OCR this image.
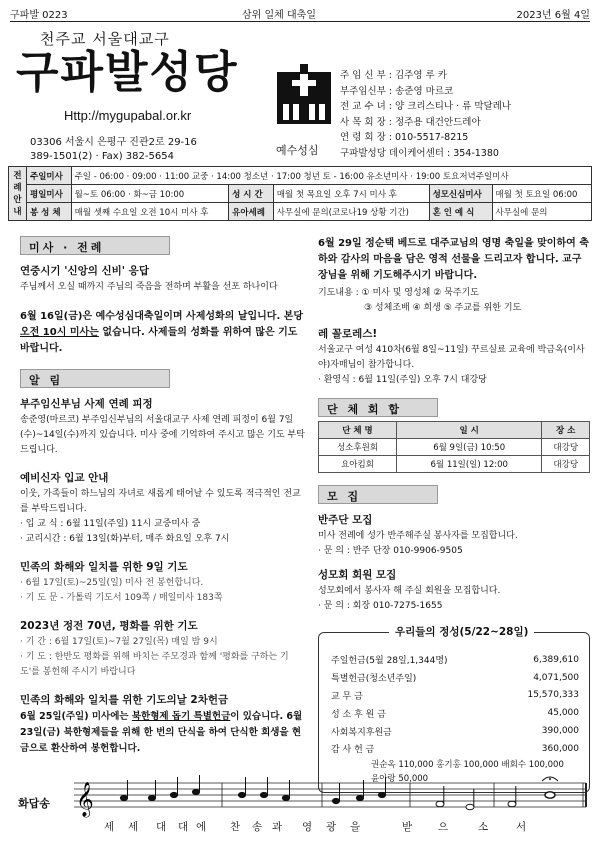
구파발 0223	삼위 일체 대축일	2023년 6월 4일
천주교 서울대교구
구파발성당
Http://mygupabal.or.kr
03306 서울시 은평구 진관2로 29-16
389-1501(2) · Fax) 382-5654	예수성심
주 임 신 부 : 김주영 루 카
부주임신부 : 송준영 마르코
전 교 수 녀 : 양 크리스티나 · 류 막달레나
사 목 회 장 : 정주용 대건안드레아
연 령 회 장 : 010-5517-8215
구파발성당 데이케어센터 : 354-1380
전례안내	주일미사	주일 - 06:00 · 09:00 · 11:00 교중 · 14:00 청소년 · 17:00 청년 토 - 16:00 유소년미사 · 19:00 토요저녁주일미사				
	평일미사	월~토 06:00 · 화~금 10:00	성 시 간	매월 첫 목요일 오후 7시 미사 후	성모신심미사	매월 첫 토요일 06:00
	봉 성 체	매월 셋째 수요일 오전 10시 미사 후	유아세례	사무실에 문의(코로나19 상황 기간)	혼 인 예 식	사무실에 문의
미사 · 전례
연중시기 '신앙의 신비' 응답
주님께서 오실 때까지 주님의 죽음을 전하며 부활을 선포 하나이다
6월 16일(금)은 예수성심대축일이며 사제성화의 날입니다. 본당 오전 10시 미사는 없습니다. 사제들의 성화를 위하여 많은 기도바랍니다.
알 림
부주임신부님 사제 연례 피정
송준영(마르코) 부주임신부님의 서울대교구 사제 연례 피정이 6월 7일(수)~14일(수)까지 있습니다. 미사 중에 기억하여 주시고 많은 기도 부탁드립니다.
예비신자 입교 안내
이웃, 가족들이 하느님의 자녀로 새롭게 태어날 수 있도록 적극적인 전교를 부탁드립니다.
· 입 교 식 : 6월 11일(주일) 11시 교중미사 중
· 교리시간 : 6월 13일(화)부터, 매주 화요일 오후 7시
민족의 화해와 일치를 위한 9일 기도
· 6월 17일(토)~25일(일) 미사 전 봉헌합니다.
· 기 도 문 - 가톨릭 기도서 109쪽 / 매일미사 183쪽
2023년 정전 70년, 평화를 위한 기도
· 기 간 : 6월 17일(토)~7월 27일(목) 매일 밤 9시
· 기 도 : 한반도 평화를 위해 바치는 주모경과 함께 '평화를 구하는 기도'를 봉헌해 주시기 바랍니다
민족의 화해와 일치를 위한 기도의날 2차헌금
6월 25일(주일) 미사에는 북한형제 돕기 특별헌금이 있습니다. 6월 23일(금) 북한형제들을 위해 한 번의 단식을 하여 단식한 희생을 현금으로 환산하여 봉헌합니다.
6월 29일 정순택 베드로 대주교님의 영명 축일을 맞이하여 축하와 감사의 마음을 담은 영적 선물을 드리고자 합니다. 교구장님을 위해 기도해주시기 바랍니다.
기도내용 : ① 미사 및 영성체 ② 묵주기도
③ 성체조배 ④ 희생 ⑤ 주교를 위한 기도
레 꼴로레스!
서울교구 여성 410차(6월 8일~11일) 꾸르실료 교육에 박금옥(이사야)자매님이 참가합니다.
· 환영식 : 6월 11일(주일) 오후 7시 대강당
단 체 회 합
단 체 명	일 시	장 소
성소후원회	6월 9일(금) 10:50	대강당
요아킴회	6월 11일(일) 12:00	대강당
모 집
반주단 모집
미사 전례에 성가 반주해주실 봉사자를 모집합니다.
· 문 의 : 반주 단장 010-9906-9505
성모회 회원 모집
성모회에서 봉사자 해 주실 회원을 모집합니다.
· 문 의 : 회장 010-7275-1655
우리들의 정성(5/22~28일)
주일헌금(5월 28일,1,344명)	6,389,610
특별헌금(청소년주일)	4,071,500
교 무 금	15,570,333
성 소 후 원 금	45,000
사회복지후원금	390,000
감 사 헌 금	360,000
권순옥 110,000 홍기홍 100,000 배회수 100,000
윤아랑 50,000
화답송 𝄞
세	세	대	대 에	찬	송 과	영	광	을	받	으	소	서
